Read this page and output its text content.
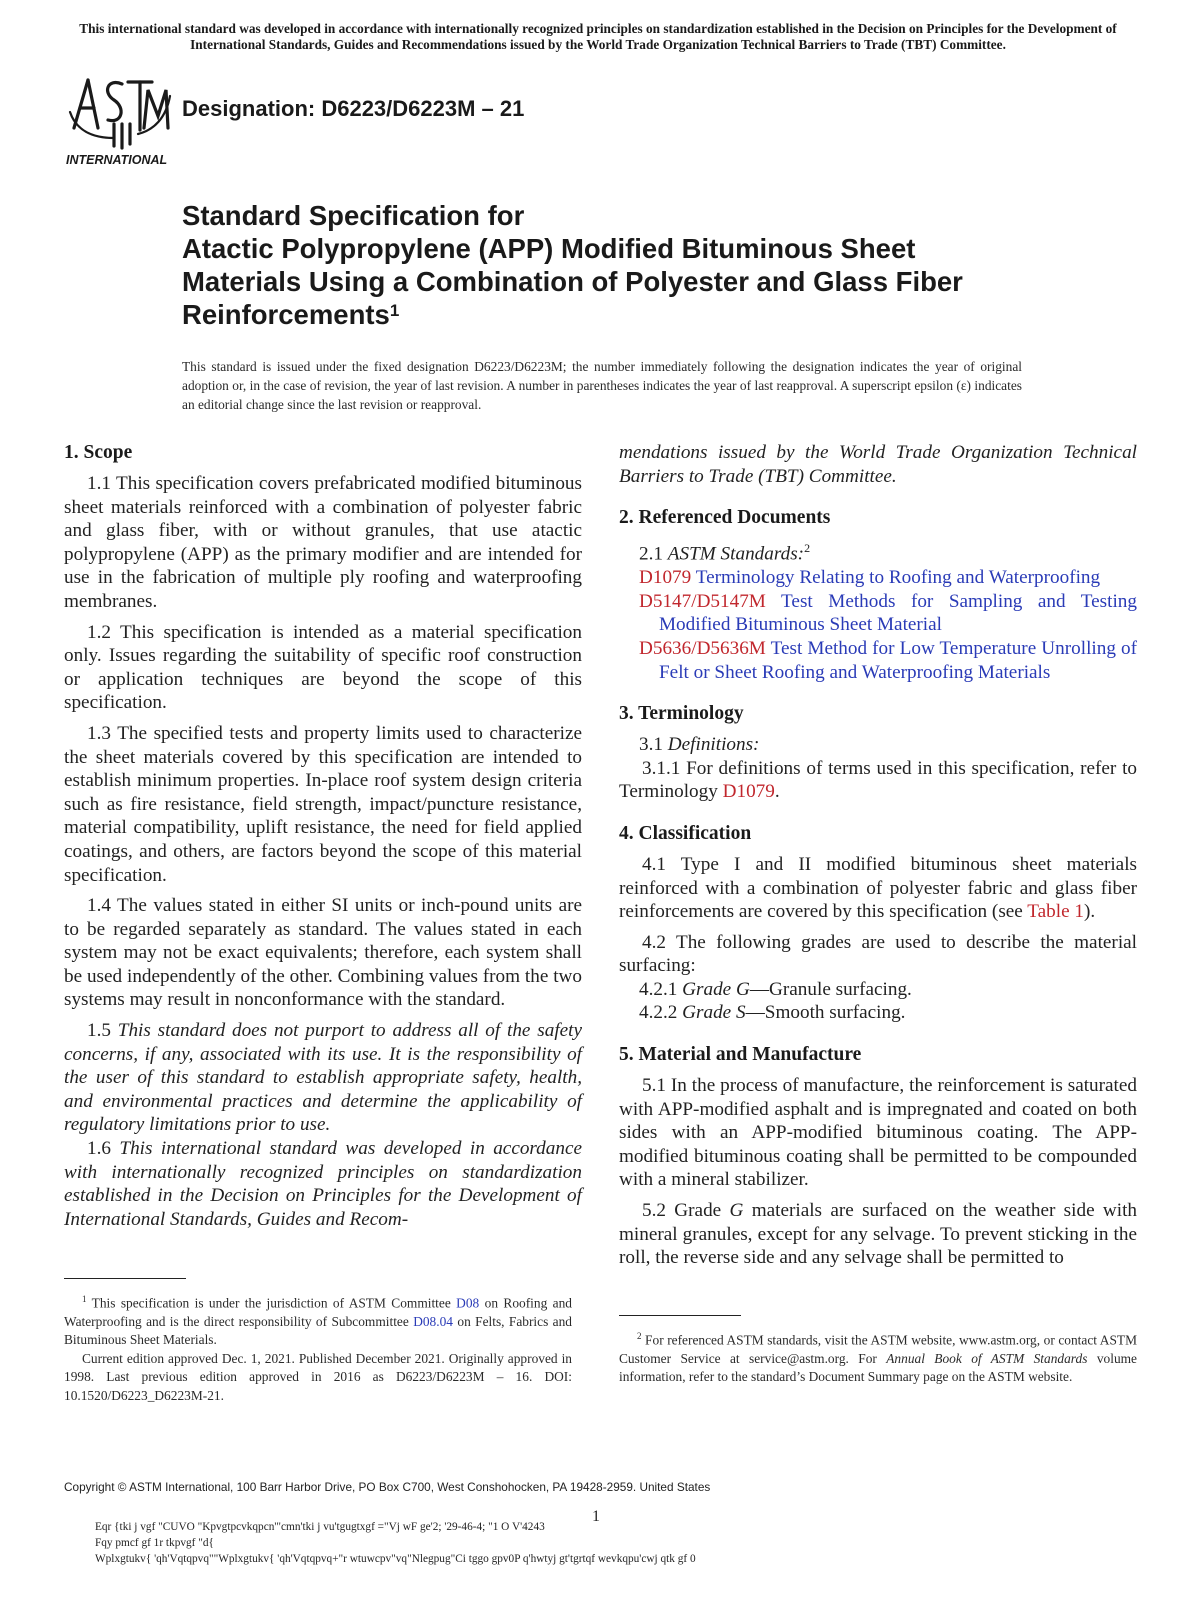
This international standard was developed in accordance with internationally recognized principles on standardization established in the Decision on Principles for the Development of International Standards, Guides and Recommendations issued by the World Trade Organization Technical Barriers to Trade (TBT) Committee.
INTERNATIONAL
Designation: D6223/D6223M – 21
Standard Specification for
Atactic Polypropylene (APP) Modified Bituminous Sheet
Materials Using a Combination of Polyester and Glass Fiber
Reinforcements$^1$
This standard is issued under the fixed designation D6223/D6223M; the number immediately following the designation indicates the year of original adoption or, in the case of revision, the year of last revision. A number in parentheses indicates the year of last reapproval. A superscript epsilon (ε) indicates an editorial change since the last revision or reapproval.
1. Scope

1.1 This specification covers prefabricated modified bituminous sheet materials reinforced with a combination of polyester fabric and glass fiber, with or without granules, that use atactic polypropylene (APP) as the primary modifier and are intended for use in the fabrication of multiple ply roofing and waterproofing membranes.

1.2 This specification is intended as a material specification only. Issues regarding the suitability of specific roof construction or application techniques are beyond the scope of this specification.

1.3 The specified tests and property limits used to characterize the sheet materials covered by this specification are intended to establish minimum properties. In-place roof system design criteria such as fire resistance, field strength, impact/puncture resistance, material compatibility, uplift resistance, the need for field applied coatings, and others, are factors beyond the scope of this material specification.

1.4 The values stated in either SI units or inch-pound units are to be regarded separately as standard. The values stated in each system may not be exact equivalents; therefore, each system shall be used independently of the other. Combining values from the two systems may result in nonconformance with the standard.

1.5 This standard does not purport to address all of the safety concerns, if any, associated with its use. It is the responsibility of the user of this standard to establish appropriate safety, health, and environmental practices and determine the applicability of regulatory limitations prior to use.

1.6 This international standard was developed in accordance with internationally recognized principles on standardization established in the Decision on Principles for the Development of International Standards, Guides and Recom-

mendations issued by the World Trade Organization Technical Barriers to Trade (TBT) Committee.

2. Referenced Documents

2.1 ASTM Standards:$^2$

D1079 Terminology Relating to Roofing and Waterproofing

D5147/D5147M Test Methods for Sampling and Testing Modified Bituminous Sheet Material

D5636/D5636M Test Method for Low Temperature Unrolling of Felt or Sheet Roofing and Waterproofing Materials

3. Terminology

3.1 Definitions:

3.1.1 For definitions of terms used in this specification, refer to Terminology D1079.

4. Classification

4.1 Type I and II modified bituminous sheet materials reinforced with a combination of polyester fabric and glass fiber reinforcements are covered by this specification (see Table 1).

4.2 The following grades are used to describe the material surfacing:

4.2.1 Grade G—Granule surfacing.

4.2.2 Grade S—Smooth surfacing.

5. Material and Manufacture

5.1 In the process of manufacture, the reinforcement is saturated with APP-modified asphalt and is impregnated and coated on both sides with an APP-modified bituminous coating. The APP-modified bituminous coating shall be permitted to be compounded with a mineral stabilizer.

5.2 Grade G materials are surfaced on the weather side with mineral granules, except for any selvage. To prevent sticking in the roll, the reverse side and any selvage shall be permitted to

$^1$ This specification is under the jurisdiction of ASTM Committee D08 on Roofing and Waterproofing and is the direct responsibility of Subcommittee D08.04 on Felts, Fabrics and Bituminous Sheet Materials.

Current edition approved Dec. 1, 2021. Published December 2021. Originally approved in 1998. Last previous edition approved in 2016 as D6223/D6223M – 16. DOI: 10.1520/D6223_D6223M-21.

$^2$ For referenced ASTM standards, visit the ASTM website, www.astm.org, or contact ASTM Customer Service at service@astm.org. For Annual Book of ASTM Standards volume information, refer to the standard’s Document Summary page on the ASTM website.

Copyright © ASTM International, 100 Barr Harbor Drive, PO Box C700, West Conshohocken, PA 19428-2959. United States
1
Eqr {tki j vgf "CUVO "Kpvgtpcvkqpcn'"cmn'tki j vu'tgugtxgf ="Vj wF ge'2; '29-46-4; "1 O V'4243
Fqy pmcf gf 1r tkpvgf "d{
Wplxgtukv{ 'qh'Vqtqpvq""Wplxgtukv{ 'qh'Vqtqpvq+"r wtuwcpv"vq"Nlegpug"Ci tggo gpv0P q'hwtyj gt'tgrtqf wevkqpu'cwj qtk gf 0
